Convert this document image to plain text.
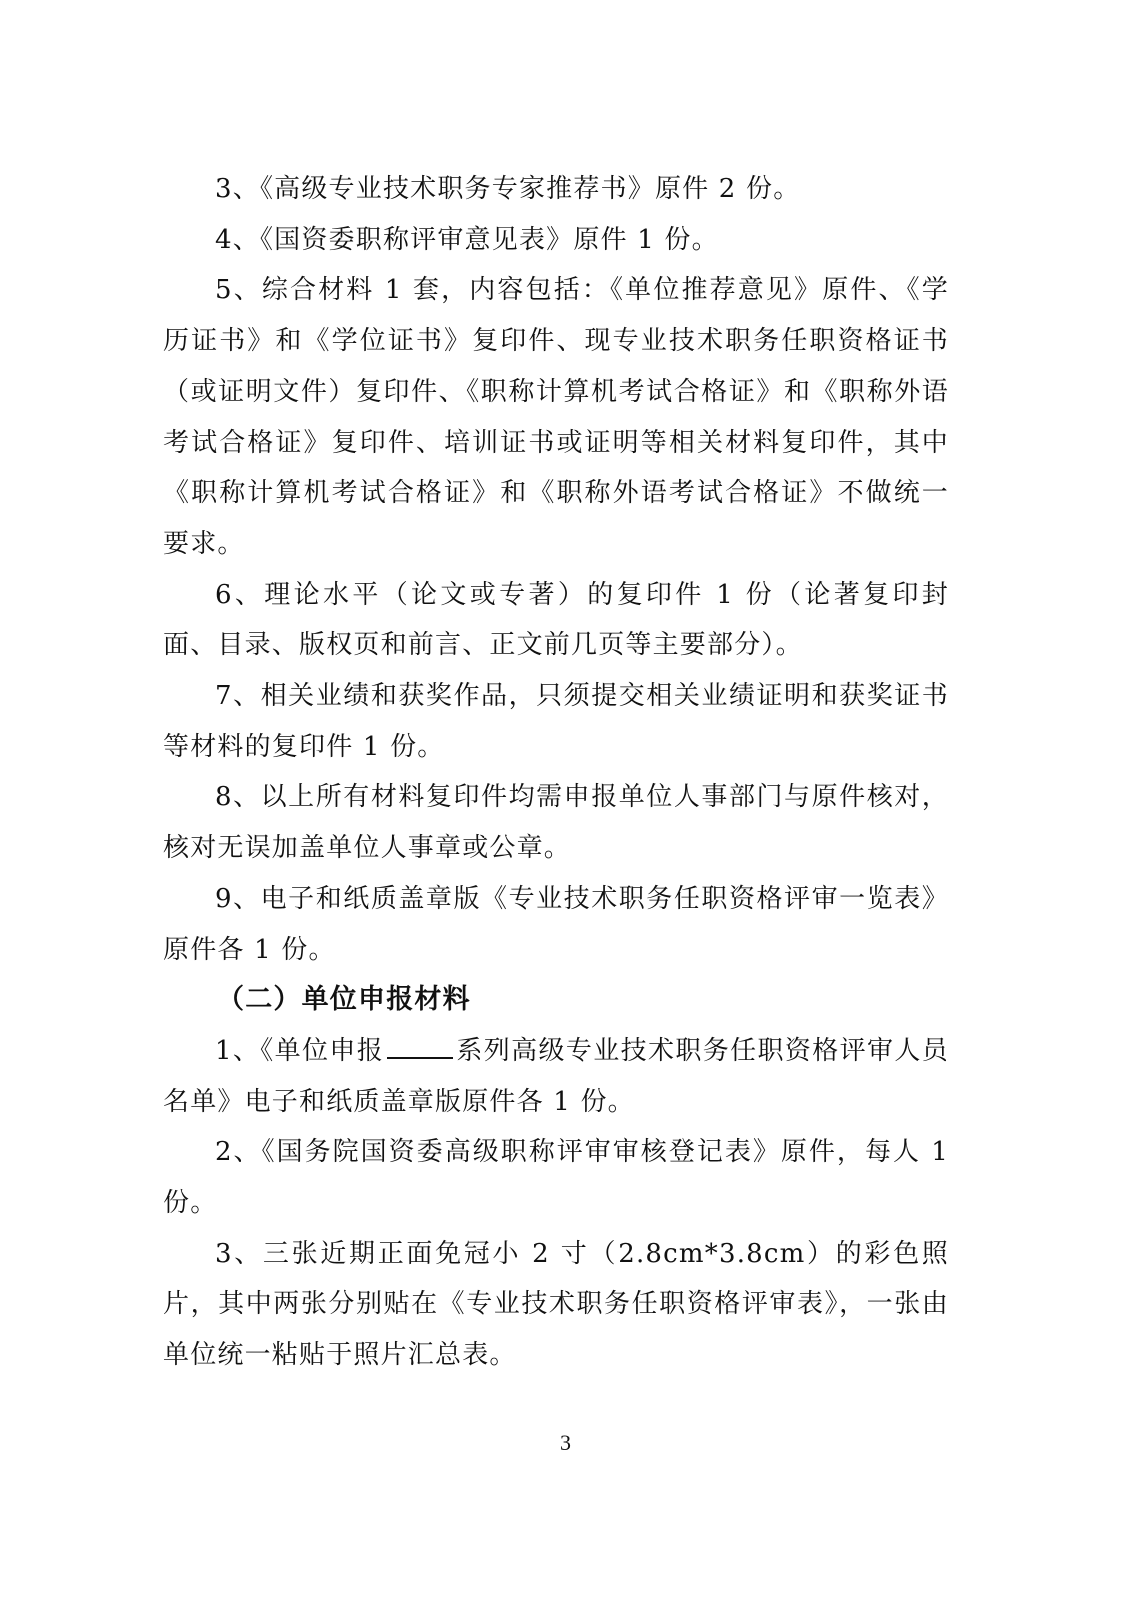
3、《高级专业技术职务专家推荐书》原件 2 份。

4、《国资委职称评审意见表》原件 1 份。

5、综合材料 1 套，内容包括：《单位推荐意见》原件、《学历证书》和《学位证书》复印件、现专业技术职务任职资格证书（或证明文件）复印件、《职称计算机考试合格证》和《职称外语考试合格证》复印件、培训证书或证明等相关材料复印件，其中《职称计算机考试合格证》和《职称外语考试合格证》不做统一要求。

6、理论水平（论文或专著）的复印件 1 份（论著复印封面、目录、版权页和前言、正文前几页等主要部分）。

7、相关业绩和获奖作品，只须提交相关业绩证明和获奖证书等材料的复印件 1 份。

8、以上所有材料复印件均需申报单位人事部门与原件核对，核对无误加盖单位人事章或公章。

9、电子和纸质盖章版《专业技术职务任职资格评审一览表》原件各 1 份。

（二）单位申报材料

1、《单位申报	系列高级专业技术职务任职资格评审人员名单》电子和纸质盖章版原件各 1 份。

2、《国务院国资委高级职称评审审核登记表》原件，每人 1 份。

3、三张近期正面免冠小 2 寸（2.8cm*3.8cm）的彩色照片，其中两张分别贴在《专业技术职务任职资格评审表》，一张由单位统一粘贴于照片汇总表。

3
